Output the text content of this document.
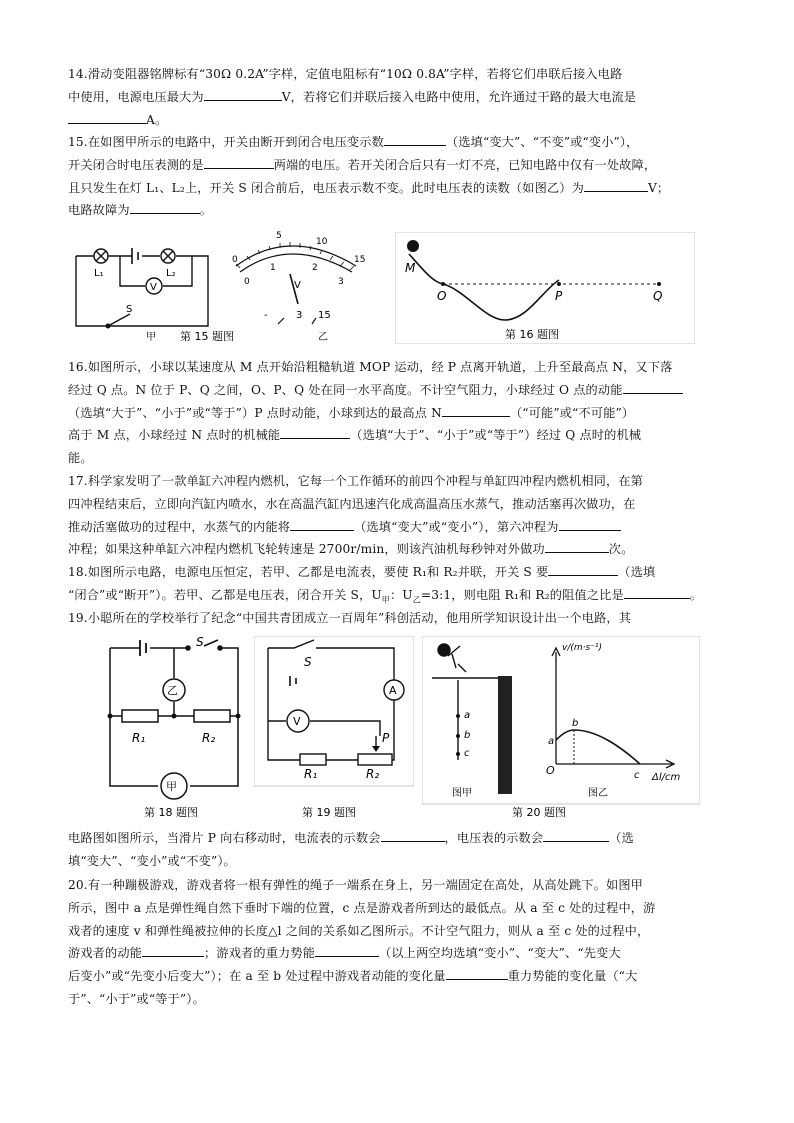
14.滑动变阻器铭牌标有“30Ω 0.2A”字样，定值电阻标有“10Ω 0.8A”字样，若将它们串联后接入电路

中使用，电源电压最大为	V，若将它们并联后接入电路中使用，允许通过干路的最大电流是

A。

15.在如图甲所示的电路中，开关由断开到闭合电压变示数	（选填“变大”、“不变”或“变小”），

开关闭合时电压表测的是	两端的电压。若开关闭合后只有一灯不亮，已知电路中仅有一处故障，

且只发生在灯 L₁、L₂上，开关 S 闭合前后，电压表示数不变。此时电压表的读数（如图乙）为	V；

电路故障为	。

L₁	L₂
V
S
甲 第 15 题图
0
5
10
15
0
1	2
3
V
-	3 15
乙
M
O	P	Q
第 16 题图

16.如图所示，小球以某速度从 M 点开始沿粗糙轨道 MOP 运动，经 P 点离开轨道，上升至最高点 N，又下落

经过 Q 点。N 位于 P、Q 之间，O、P、Q 处在同一水平高度。不计空气阻力，小球经过 O 点的动能

（选填“大于”、“小于”或“等于”）P 点时动能，小球到达的最高点 N	（“可能”或“不可能”）

高于 M 点，小球经过 N 点时的机械能	（选填“大于”、“小于”或“等于”）经过 Q 点时的机械

能。

17.科学家发明了一款单缸六冲程内燃机，它每一个工作循环的前四个冲程与单缸四冲程内燃机相同，在第

四冲程结束后，立即向汽缸内喷水，水在高温汽缸内迅速汽化成高温高压水蒸气，推动活塞再次做功，在

推动活塞做功的过程中，水蒸气的内能将	（选填“变大”或“变小”），第六冲程为

冲程；如果这种单缸六冲程内燃机飞轮转速是 2700r/min，则该汽油机每秒钟对外做功	次。

18.如图所示电路，电源电压恒定，若甲、乙都是电流表，要使 R₁和 R₂并联，开关 S 要	（选填

“闭合”或“断开”）。若甲、乙都是电压表，闭合开关 S，$U_甲$：$U_乙=3:1$，则电阻 R₁和 R₂的阻值之比是	。

19.小聪所在的学校举行了纪念“中国共青团成立一百周年”科创活动，他用所学知识设计出一个电路，其

S
乙
R₁	R₂
甲
第 18 题图
S
A
V
P
R₁	R₂
第 19 题图
a
b
c
图甲
v/(m·s⁻¹)
Δl/cm
O
a
b
c
图乙
第 20 题图

电路图如图所示，当滑片 P 向右移动时，电流表的示数会	，电压表的示数会	（选

填“变大”、“变小”或“不变”）。

20.有一种蹦极游戏，游戏者将一根有弹性的绳子一端系在身上，另一端固定在高处，从高处跳下。如图甲

所示，图中 a 点是弹性绳自然下垂时下端的位置，c 点是游戏者所到达的最低点。从 a 至 c 处的过程中，游

戏者的速度 v 和弹性绳被拉伸的长度△l 之间的关系如乙图所示。不计空气阻力，则从 a 至 c 处的过程中，

游戏者的动能	；游戏者的重力势能	（以上两空均选填“变小”、“变大”、“先变大

后变小”或“先变小后变大”）；在 a 至 b 处过程中游戏者动能的变化量	重力势能的变化量（“大

于”、“小于”或“等于”）。
